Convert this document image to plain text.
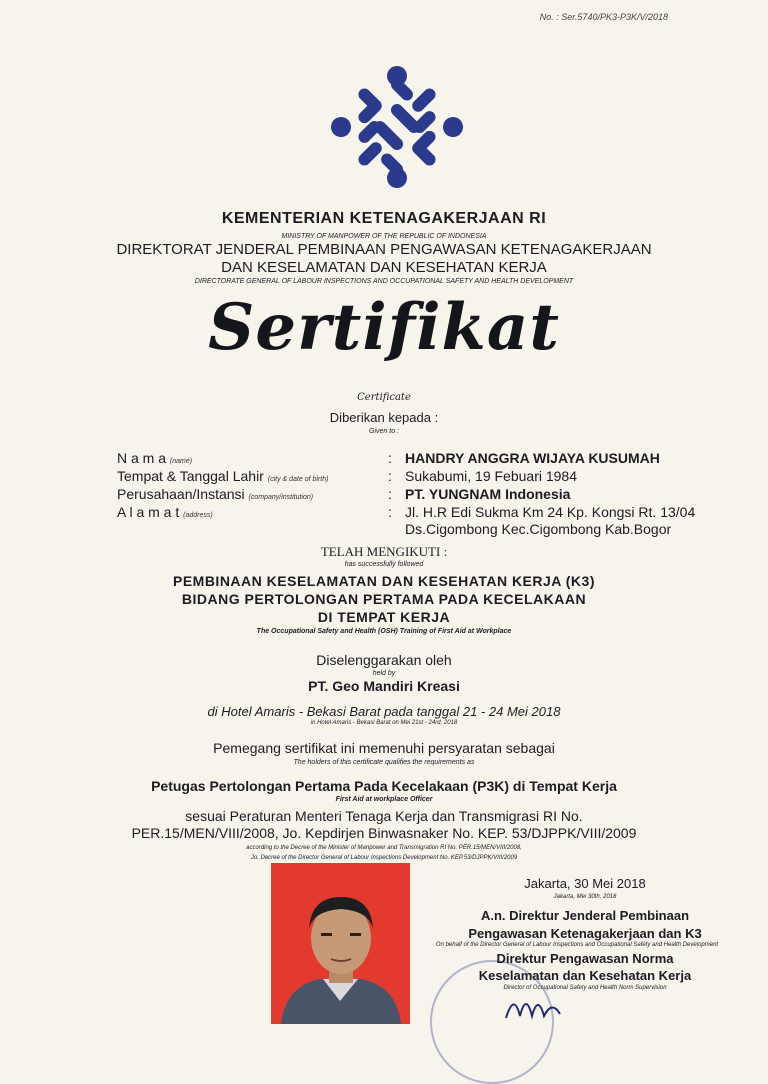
No. : Ser.5740/PK3-P3K/V/2018
KEMENTERIAN KETENAGAKERJAAN RI
MINISTRY OF MANPOWER OF THE REPUBLIC OF INDONESIA
DIREKTORAT JENDERAL PEMBINAAN PENGAWASAN KETENAGAKERJAAN
DAN KESELAMATAN DAN KESEHATAN KERJA
DIRECTORATE GENERAL OF LABOUR INSPECTIONS AND OCCUPATIONAL SAFETY AND HEALTH DEVELOPMENT
Sertifikat
Certificate
Diberikan kepada :
Given to :
N a m a (name)	: HANDRY ANGGRA WIJAYA KUSUMAH
Tempat & Tanggal Lahir (city & date of birth)	: Sukabumi, 19 Febuari 1984
Perusahaan/Instansi (company/institution)	: PT. YUNGNAM Indonesia
A l a m a t (address)	: Jl. H.R Edi Sukma Km 24 Kp. Kongsi Rt. 13/04
Ds.Cigombong Kec.Cigombong Kab.Bogor
TELAH MENGIKUTI :
has successfully followed
PEMBINAAN KESELAMATAN DAN KESEHATAN KERJA (K3)
BIDANG PERTOLONGAN PERTAMA PADA KECELAKAAN
DI TEMPAT KERJA
The Occupational Safety and Health (OSH) Training of First Aid at Workplace
Diselenggarakan oleh
held by
PT. Geo Mandiri Kreasi
di Hotel Amaris - Bekasi Barat pada tanggal 21 - 24 Mei 2018
in Hotel Amaris - Bekasi Barat on Mei 21st - 24rd, 2018
Pemegang sertifikat ini memenuhi persyaratan sebagai
The holders of this certificate qualifies the requirements as
Petugas Pertolongan Pertama Pada Kecelakaan (P3K) di Tempat Kerja
First Aid at workplace Officer
sesuai Peraturan Menteri Tenaga Kerja dan Transmigrasi RI No.
PER.15/MEN/VIII/2008, Jo. Kepdirjen Binwasnaker No. KEP. 53/DJPPK/VIII/2009
according to the Decree of the Minister of Manpower and Transmigration RI No. PER.15/MEN/VIII/2008,
Jo. Decree of the Director General of Labour Inspections Development No. KEP.53/DJPPK/VIII/2009
Jakarta, 30 Mei 2018
Jakarta, Mei 30th, 2018
A.n. Direktur Jenderal Pembinaan
Pengawasan Ketenagakerjaan dan K3
On behalf of the Director General of Labour Inspections and Occupational Safety and Health Development
Direktur Pengawasan Norma
Keselamatan dan Kesehatan Kerja
Director of Occupational Safety and Health Norm Supervision
